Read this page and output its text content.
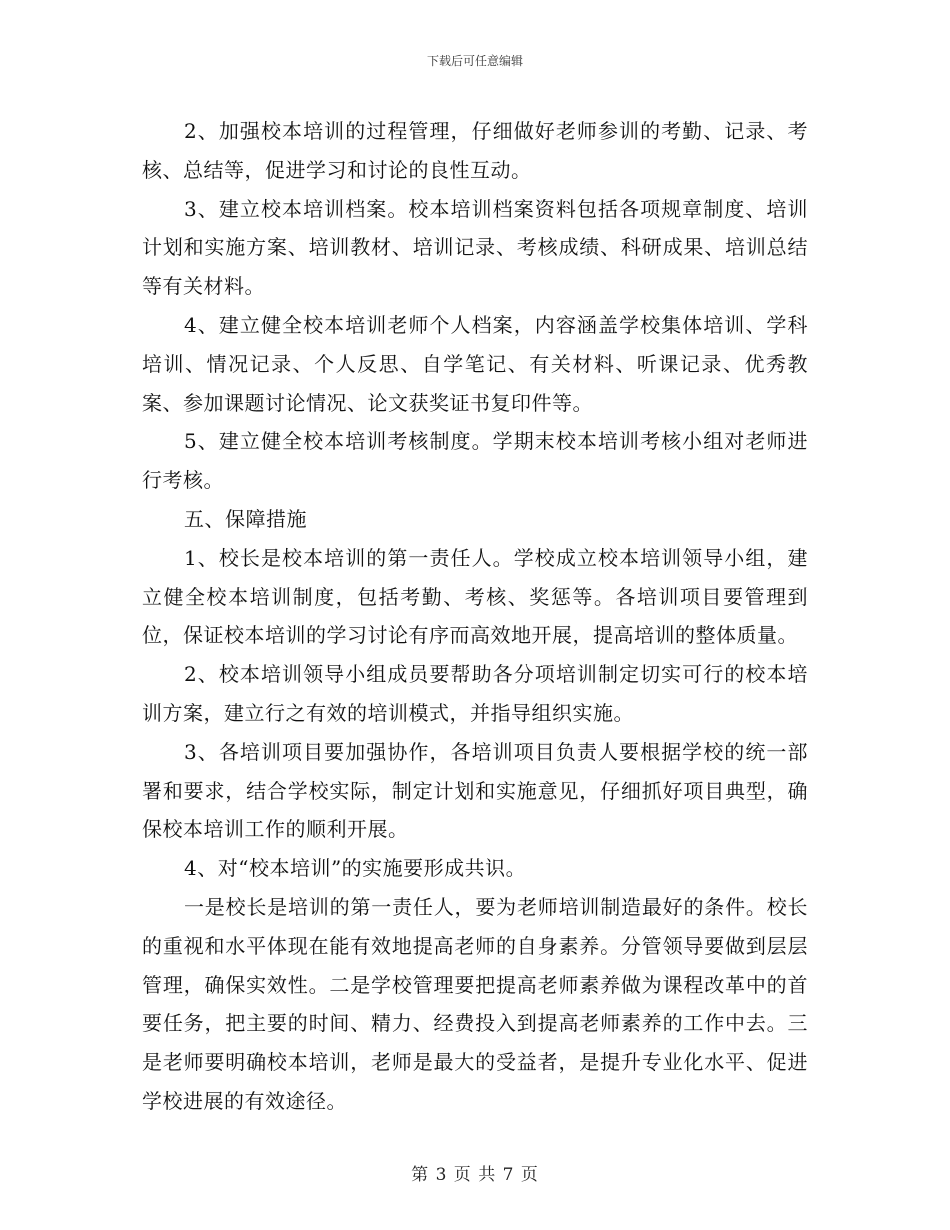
下载后可任意编辑

2、加强校本培训的过程管理，仔细做好老师参训的考勤、记录、考核、总结等，促进学习和讨论的良性互动。

3、建立校本培训档案。校本培训档案资料包括各项规章制度、培训计划和实施方案、培训教材、培训记录、考核成绩、科研成果、培训总结等有关材料。

4、建立健全校本培训老师个人档案，内容涵盖学校集体培训、学科培训、情况记录、个人反思、自学笔记、有关材料、听课记录、优秀教案、参加课题讨论情况、论文获奖证书复印件等。

5、建立健全校本培训考核制度。学期末校本培训考核小组对老师进行考核。

五、保障措施

1、校长是校本培训的第一责任人。学校成立校本培训领导小组，建立健全校本培训制度，包括考勤、考核、奖惩等。各培训项目要管理到位，保证校本培训的学习讨论有序而高效地开展，提高培训的整体质量。

2、校本培训领导小组成员要帮助各分项培训制定切实可行的校本培训方案，建立行之有效的培训模式，并指导组织实施。

3、各培训项目要加强协作，各培训项目负责人要根据学校的统一部署和要求，结合学校实际，制定计划和实施意见，仔细抓好项目典型，确保校本培训工作的顺利开展。

4、对“校本培训”的实施要形成共识。

一是校长是培训的第一责任人，要为老师培训制造最好的条件。校长的重视和水平体现在能有效地提高老师的自身素养。分管领导要做到层层管理，确保实效性。二是学校管理要把提高老师素养做为课程改革中的首要任务，把主要的时间、精力、经费投入到提高老师素养的工作中去。三是老师要明确校本培训，老师是最大的受益者，是提升专业化水平、促进学校进展的有效途径。

第 3 页 共 7 页
